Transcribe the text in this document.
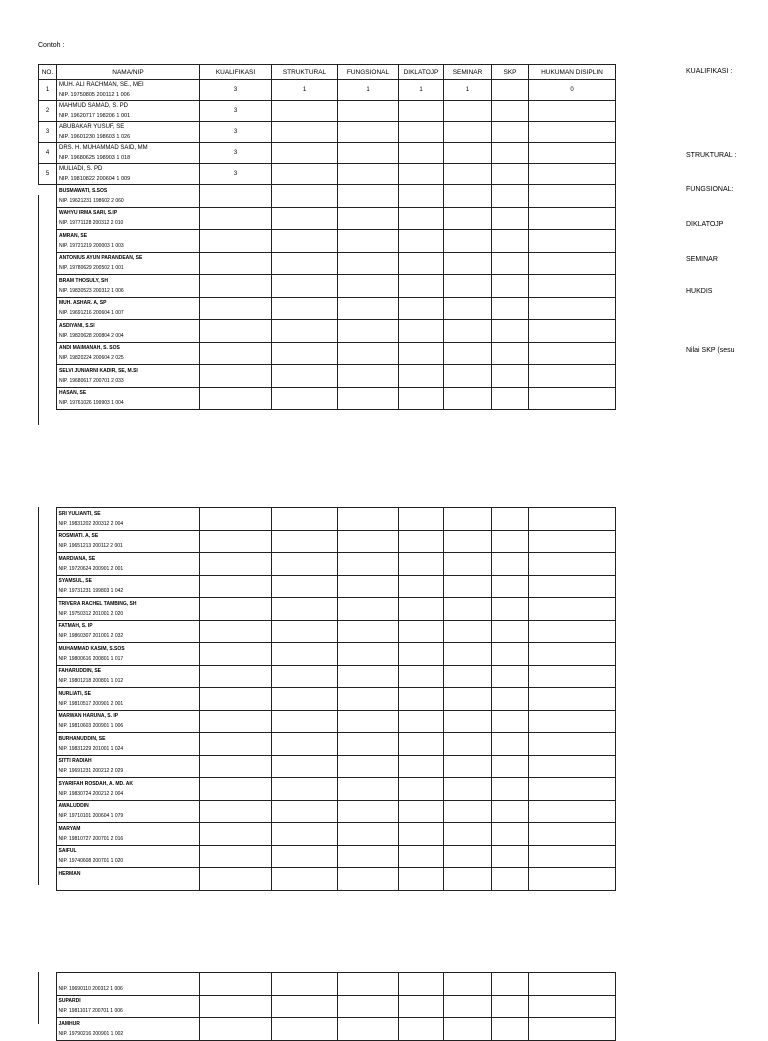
Contoh :
NO.	NAMA/NIP	KUALIFIKASI	STRUKTURAL	FUNGSIONAL	DIKLATOJP	SEMINAR	SKP	HUKUMAN DISIPLIN
1	MUH. ALI RACHMAN, SE., MEI
NIP. 19750805 200112 1 006	3	1	1	1	1		0
2	MAHMUD SAMAD, S. PD
NIP. 19620717 198206 1 001	3						
3	ABUBAKAR YUSUF, SE
NIP. 19601230 198603 1 026	3						
4	DRS. H. MUHAMMAD SAID, MM
NIP. 19680625 198903 1 018	3						
5	MULIADI, S. PD
NIP. 19810822 200604 1 009	3						

	BUSMAWATI, S.SOS
NIP. 19621231 198602 2 060							

	WAHYU IRMA SARI, S.IP
NIP. 19771128 200312 2 010							

	AMRAN, SE
NIP. 19721219 200003 1 003							

	ANTONIUS AYUN PARANDEAN, SE
NIP. 19780629 200502 1 001							

	BRAM THOSULY, SH
NIP. 19830523 200312 1 006							

	MUH. ASHAR. A, SP
NIP. 19691216 200604 1 007							

	ASDIYANI, S.SI
NIP. 19820628 200804 2 004							

	ANDI MAIMANAH, S. SOS
NIP. 19820224 200604 2 025							

	SELVI JUNIARNI KADIR, SE, M.SI
NIP. 19680617 200701 2 033							

	HASAN, SE
NIP. 19761026 199903 1 004							

	SRI YULIANTI, SE
NIP. 19831202 200312 2 004							

	ROSMIATI. A, SE
NIP. 19651213 200112 2 001							

	MARDIANA, SE
NIP. 19720624 200901 2 001							

	SYAMSUL, SE
NIP. 19731231 199803 1 042							

	TRIVERA RACHEL TAMBING, SH
NIP. 19750312 201001 2 020							

	FATMAH, S. IP
NIP. 19860307 201001 2 032							

	MUHAMMAD KASIM, S.SOS
NIP. 19800616 200801 1 017							

	FAHARUDDIN, SE
NIP. 19801218 200801 1 012							

	NURLIATI, SE
NIP. 19810517 200901 2 001							

	MARWAN HARUNA, S. IP
NIP. 19810603 200901 1 006							

	BURHANUDDIN, SE
NIP. 19831229 201001 1 024							

	SITTI RADIAH
NIP. 19691231 200212 2 029							

	SYARIFAH ROSDAH, A. MD. AK
NIP. 19830724 200212 2 004							

	AWALUDDIN
NIP. 19710101 200604 1 079							

	MARYAM
NIP. 19810727 200701 2 016							

	SAIFUL
NIP. 19740608 200701 1 020							

	HERMAN							

	NIP. 19690110 200312 1 006							

	SUPARDI
NIP. 19811017 200701 1 006							

	JAMHUR
NIP. 19790216 200901 1 002							

KUALIFIKASI :
STRUKTURAL :
FUNGSIONAL:
DIKLATOJP
SEMINAR
HUKDIS
Nilai SKP (sesu
